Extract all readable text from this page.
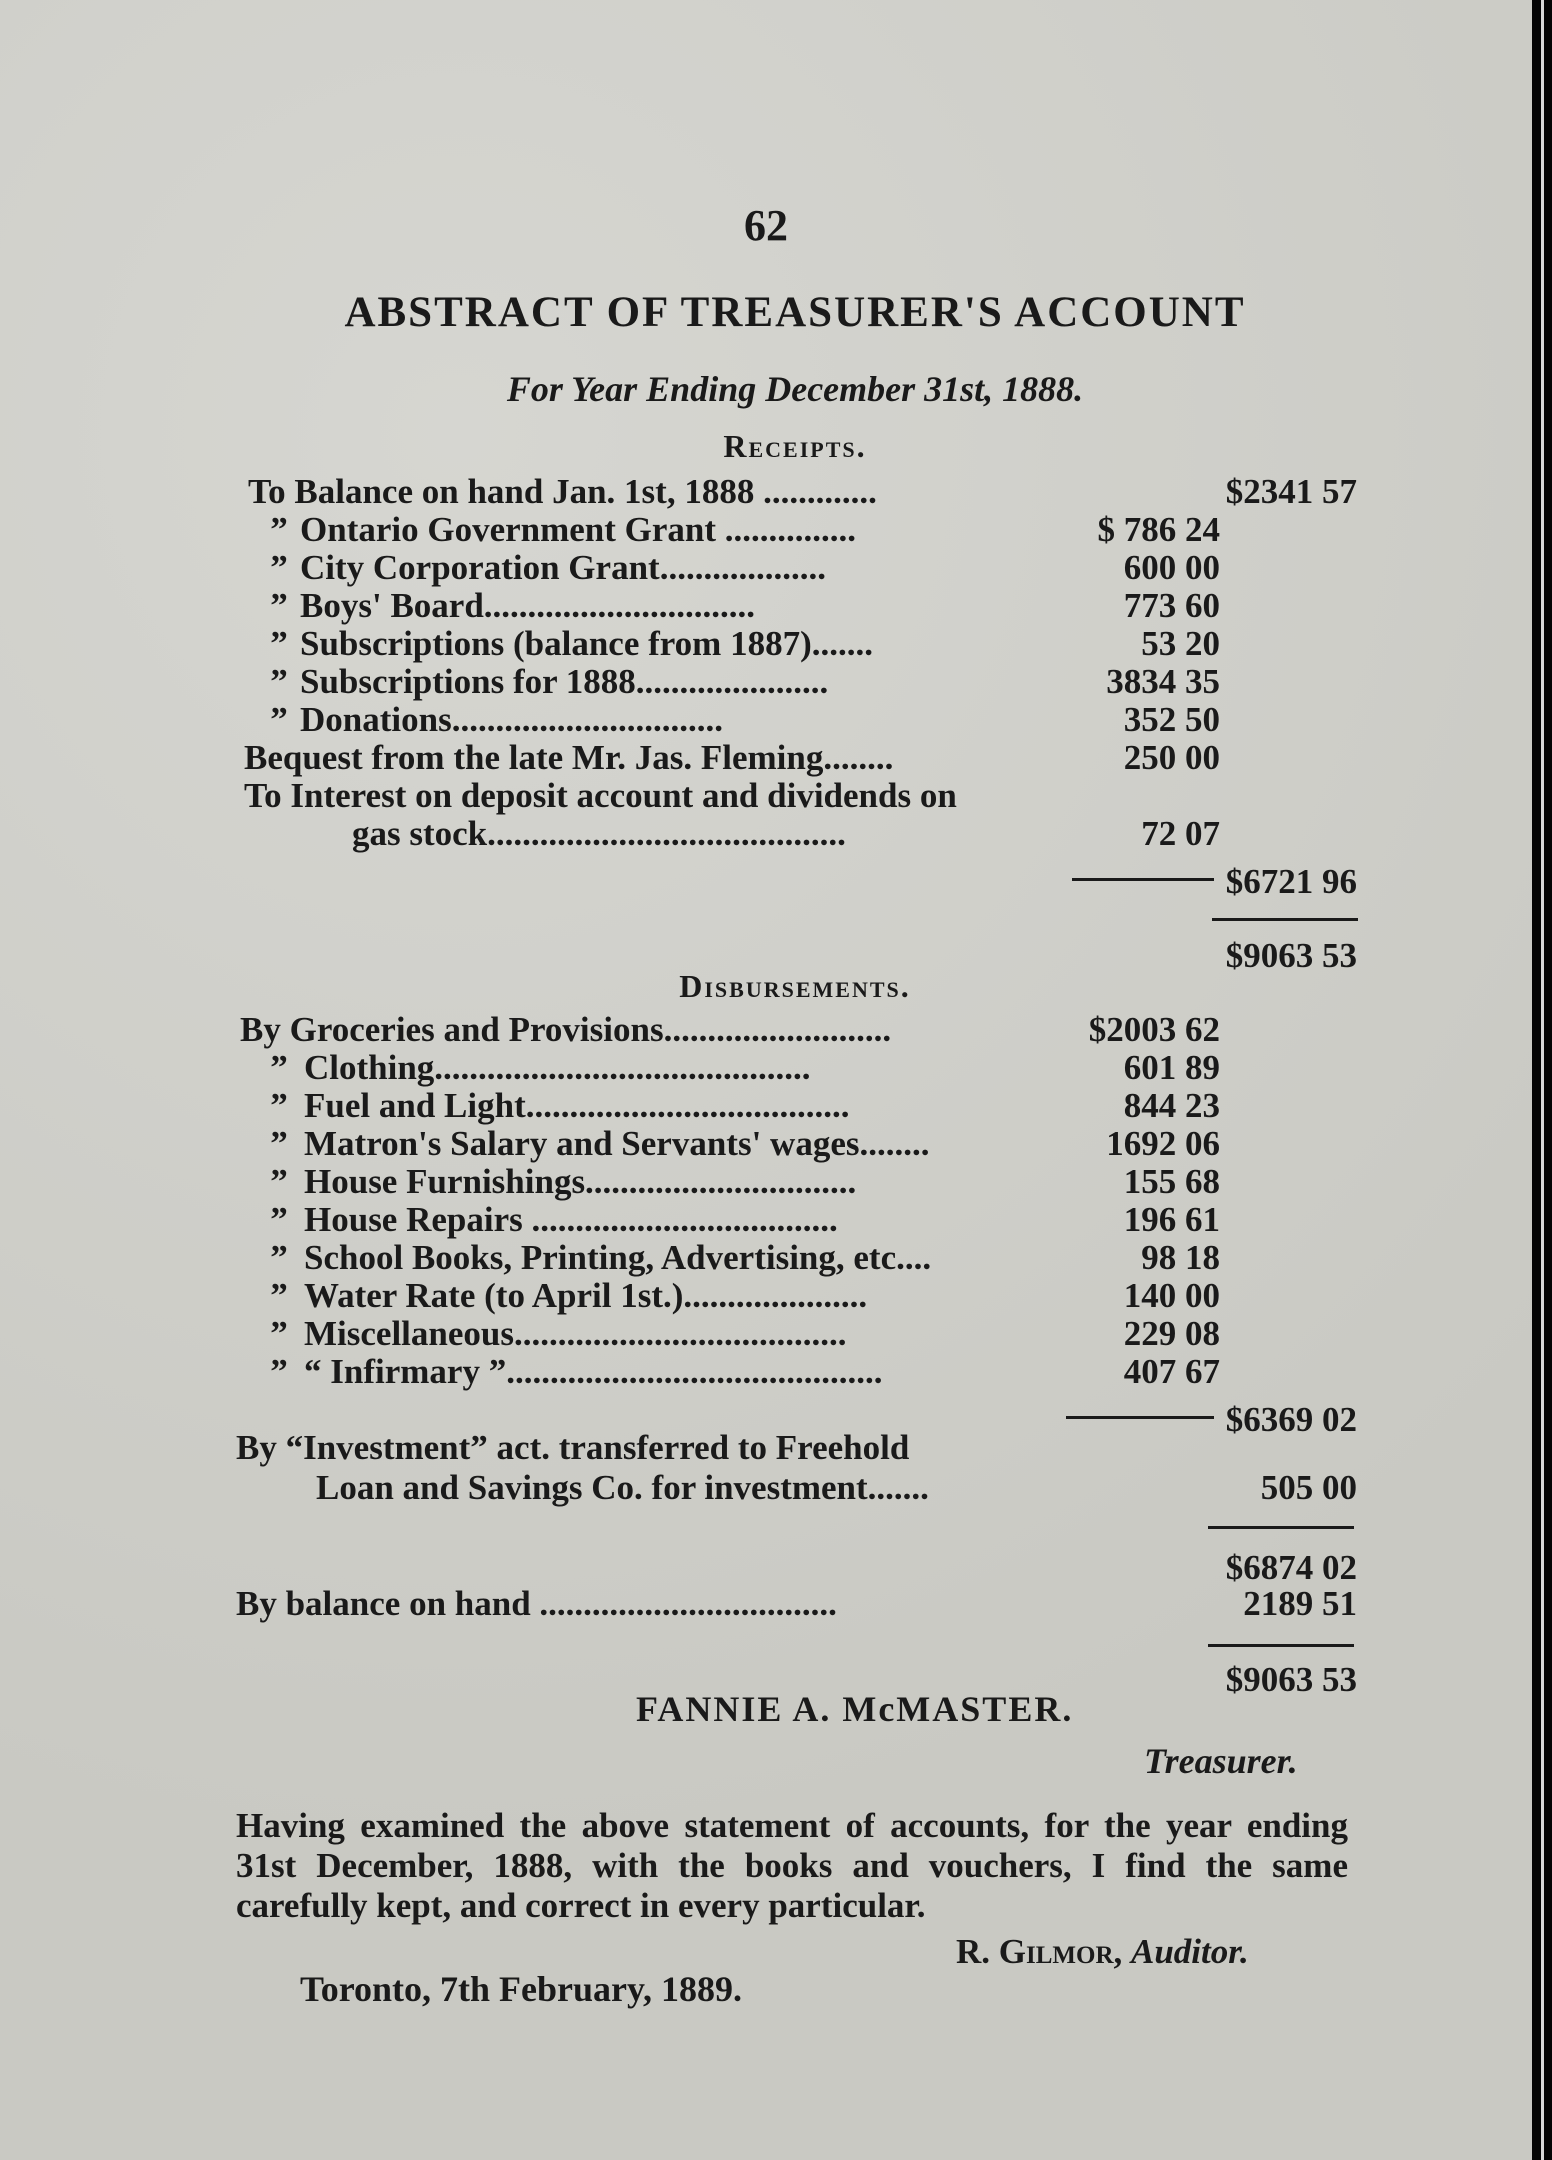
62
ABSTRACT OF TREASURER'S ACCOUNT
For Year Ending December 31st, 1888.
Receipts.
To Balance on hand Jan. 1st, 1888 .............	$2341 57
” Ontario Government Grant ...............	$ 786 24
” City Corporation Grant...................	600 00
” Boys' Board...............................	773 60
” Subscriptions (balance from 1887).......	53 20
” Subscriptions for 1888......................	3834 35
” Donations...............................	352 50
Bequest from the late Mr. Jas. Fleming........	250 00
To Interest on deposit account and dividends on
gas stock.........................................	72 07
$6721 96
$9063 53
Disbursements.
By Groceries and Provisions..........................	$2003 62
” Clothing...........................................	601 89
” Fuel and Light.....................................	844 23
” Matron's Salary and Servants' wages........	1692 06
” House Furnishings...............................	155 68
” House Repairs ...................................	196 61
” School Books, Printing, Advertising, etc....	98 18
” Water Rate (to April 1st.).....................	140 00
” Miscellaneous......................................	229 08
” “ Infirmary ”...........................................	407 67
$6369 02
By “Investment” act. transferred to Freehold
Loan and Savings Co. for investment.......	505 00
$6874 02
By balance on hand ..................................	2189 51
$9063 53
FANNIE A. McMASTER.
Treasurer.
Having examined the above statement of accounts, for the year ending 31st December, 1888, with the books and vouchers, I find the same carefully kept, and correct in every particular.
R. Gilmor, Auditor.
Toronto, 7th February, 1889.
